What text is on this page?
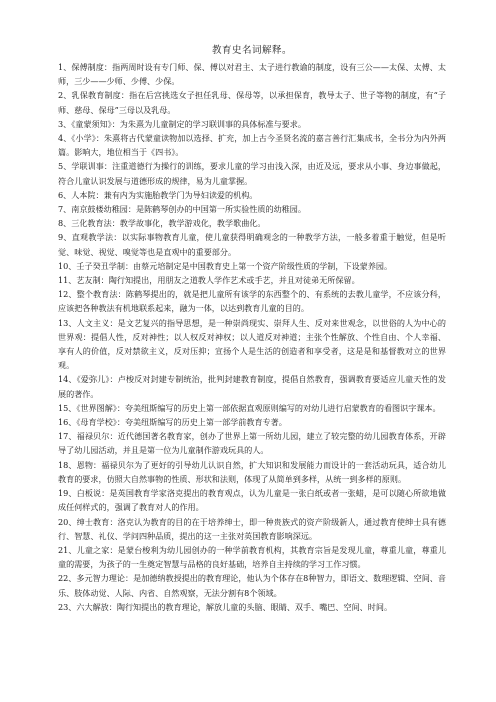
教育史名词解释。

1、保傅制度：指两周时设有专门师、保、傅以对君主、太子进行教谕的制度，设有三公——太保、太傅、太师，三少——少师、少傅、少保。

2、乳保教育制度：指在后宫挑选女子担任乳母、保母等，以承担保育，教导太子、世子等物的制度，有“子师、慈母、保母”三母以及乳母。

3、《童蒙须知》：为朱熹为儿童制定的学习联训事的具体标准与要求。

4、《小学》：朱熹将古代蒙童读物加以选择、扩充，加上古今圣贤名流的嘉言善行汇集成书，全书分为内外两篇。影响大，地位相当于《四书》。

5、学联训事：注重道德行为操行的训练，要求儿童的学习由浅入深，由近及远，要求从小事、身边事做起，符合儿童认识发展与道德形成的规律，易为儿童掌握。

6、人本院：兼有内为实施胎教学门为导妇读爱的机构。

7、南京鼓楼幼稚园：是陈鹤琴创办的中国第一所实验性质的幼稚园。

8、三化教育法：教学故事化，教学游戏化，教学歌曲化。

9、直观教学法：以实际事物教育儿童，使儿童获得明确观念的一种教学方法，一般多着重于触觉，但是听觉、味觉、视觉、嗅觉等也是直观中的重要部分。

10、壬子癸丑学制：由蔡元培制定是中国教育史上第一个资产阶级性质的学制，下设蒙养园。

11、艺友制：陶行知提出，用朋友之道教人学作艺术或手艺，并且对徒弟无所保留。

12、整个教育法：陈鹤琴提出的，就是把儿童所有该学的东西整个的、有系统的去教儿童学，不应该分科，应该把各种教法有机地联系起来，融为一体，以达到教育儿童的目的。

13、人文主义：是文艺复兴的指导思想，是一种崇尚现实、崇拜人生、反对来世观念，以世俗的人为中心的世界观：提倡人性，反对神性；以人权反对神权；以人道反对神道；主张个性解放、个性自由、个人幸福、享有人的价值，反对禁欲主义，反对压抑；宣扬个人是生活的创造者和享受者，这是是和基督教对立的世界观。

14、《爱弥儿》：卢梭反对封建专制统治，批判封建教育制度，提倡自然教育，强调教育要适应儿童天性的发展的著作。

15、《世界图解》：夸美纽斯编写的历史上第一部依据直观原则编写的对幼儿进行启蒙教育的看图识字课本。

16、《母育学校》：夸美纽斯编写的历史上第一部学前教育专著。

17、福禄贝尔：近代德国著名教育家，创办了世界上第一所幼儿园，建立了较完整的幼儿园教育体系，开辟导了幼儿园活动，并且是第一位为儿童制作游戏玩具的人。

18、恩物：福禄贝尔为了更好的引导幼儿认识自然，扩大知识和发展能力而设计的一套活动玩具，适合幼儿教育的要求，仿照大自然事物的性质、形状和法则，体现了从简单到多样，从统一到多样的原则。

19、白板说：是英国教育学家洛克提出的教育观点，认为儿童是一张白纸或者一张蜡，是可以随心所欲地做成任何样式的，强调了教育对人的作用。

20、绅士教育：洛克认为教育的目的在于培养绅士，即一种贵族式的资产阶级新人，通过教育使绅士具有德行、智慧、礼仪、学问四种品质，提出的这一主张对英国教育影响深远。

21、儿童之家：是蒙台梭利为幼儿园创办的一种学前教育机构，其教育宗旨是发现儿童，尊重儿童，尊重儿童的需要，为孩子的一生奠定智慧与品格的良好基础，培养自主持续的学习工作习惯。

22、多元智力理论：是加德纳教授提出的教育理论，他认为个体存在8种智力，即语文、数理逻辑、空间、音乐、肢体动觉、人际、内省、自然观察，无法分割有8个领域。

23、六大解放：陶行知提出的教育理论，解放儿童的头脑、眼睛、双手、嘴巴、空间、时间。
